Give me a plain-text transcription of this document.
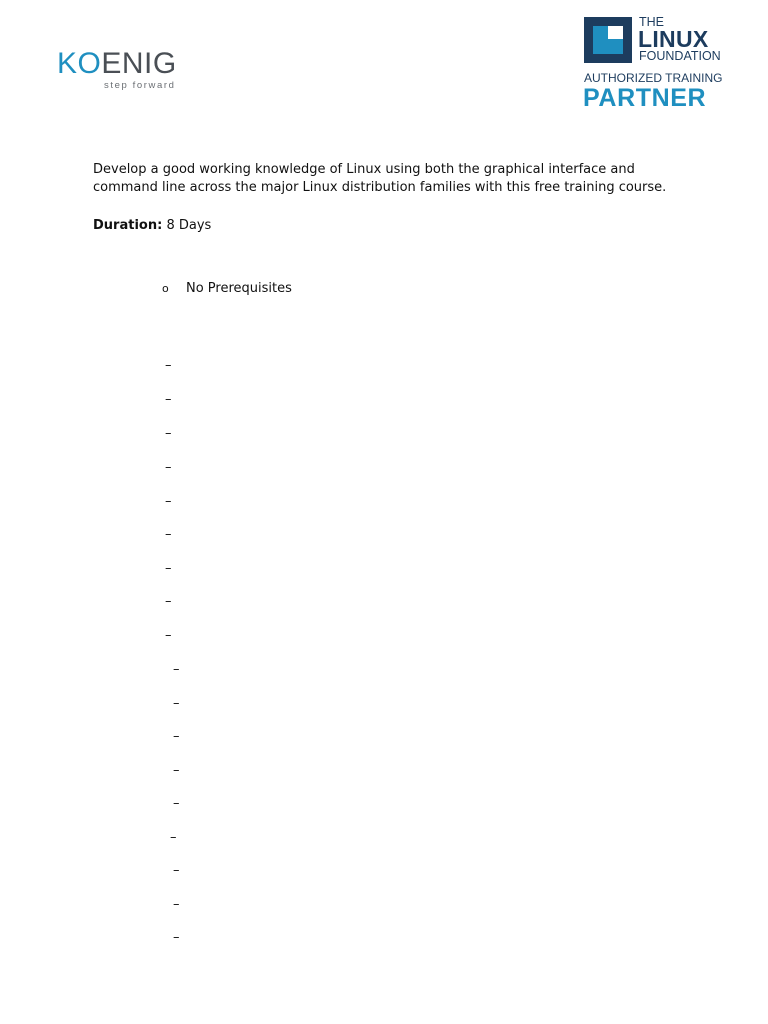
KOENIG
step forward
THE
LINUX
FOUNDATION
AUTHORIZED TRAINING
PARTNER

Develop a good working knowledge of Linux using both the graphical interface and
command line across the major Linux distribution families with this free training course.

Duration: 8 Days

o No Prerequisites
–
–
–
–
–
–
–
–
–
–
–
–
–
–
–
–
–
–
